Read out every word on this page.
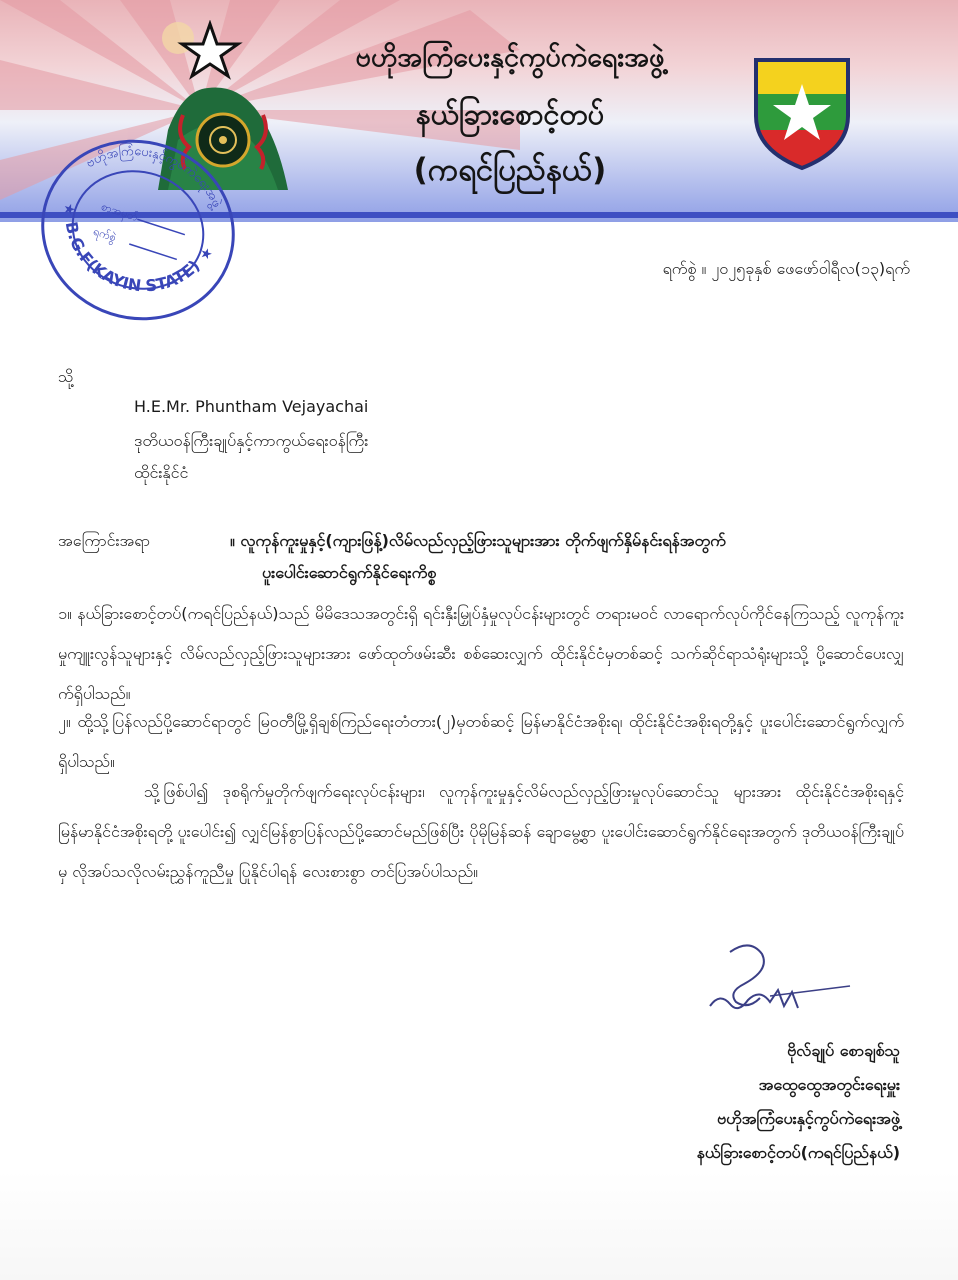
ဗဟိုအကြံပေးနှင့်ကွပ်ကဲရေးအဖွဲ့
နယ်ခြားစောင့်တပ်
(ကရင်ပြည်နယ်)
ဗဟိုအကြံပေးနှင့်ကွပ်ကဲရေးအဖွဲ့
B.G.F(KAYIN STATE)
★
★
စာအမှတ်
ရက်စွဲ
ရက်စွဲ ။ ၂၀၂၅ခုနှစ် ဖေဖော်ဝါရီလ(၁၃)ရက်
သို့
H.E.Mr. Phuntham Vejayachai
ဒုတိယဝန်ကြီးချုပ်နှင့်ကာကွယ်ရေးဝန်ကြီး
ထိုင်းနိုင်ငံ
အကြောင်းအရာ	။ လူကုန်ကူးမှုနှင့်(ကျားဖြန့်)လိမ်လည်လှည့်ဖြားသူများအား တိုက်ဖျက်နှိမ်နင်းရန်အတွက်
ပူးပေါင်းဆောင်ရွက်နိုင်ရေးကိစ္စ
၁။ နယ်ခြားစောင့်တပ်(ကရင်ပြည်နယ်)သည် မိမိဒေသအတွင်းရှိ ရင်းနှီးမြှုပ်နှံမှုလုပ်ငန်းများတွင် တရားမဝင် လာရောက်လုပ်ကိုင်နေကြသည့် လူကုန်ကူးမှုကျူးလွန်သူများနှင့် လိမ်လည်လှည့်ဖြားသူများအား ဖော်ထုတ်ဖမ်းဆီး စစ်ဆေးလျှက် ထိုင်းနိုင်ငံမှတစ်ဆင့် သက်ဆိုင်ရာသံရုံးများသို့ ပို့ဆောင်ပေးလျှက်ရှိပါသည်။
၂။ ထို့သို့ပြန်လည်ပို့ဆောင်ရာတွင် မြဝတီမြို့ရှိချစ်ကြည်ရေးတံတား(၂)မှတစ်ဆင့် မြန်မာနိုင်ငံအစိုးရ၊ ထိုင်းနိုင်ငံအစိုးရတို့နှင့် ပူးပေါင်းဆောင်ရွက်လျှက်ရှိပါသည်။
သို့ဖြစ်ပါ၍ ဒုစရိုက်မှုတိုက်ဖျက်ရေးလုပ်ငန်းများ၊ လူကုန်ကူးမှုနှင့်လိမ်လည်လှည့်ဖြားမှုလုပ်ဆောင်သူ များအား ထိုင်းနိုင်ငံအစိုးရနှင့်မြန်မာနိုင်ငံအစိုးရတို့ ပူးပေါင်း၍ လျှင်မြန်စွာပြန်လည်ပို့ဆောင်မည်ဖြစ်ပြီး ပိုမိုမြန်ဆန် ချောမွေ့စွာ ပူးပေါင်းဆောင်ရွက်နိုင်ရေးအတွက် ဒုတိယဝန်ကြီးချုပ်မှ လိုအပ်သလိုလမ်းညွှန်ကူညီမှု ပြုနိုင်ပါရန် လေးစားစွာ တင်ပြအပ်ပါသည်။
ဗိုလ်ချုပ် စောချစ်သူ
အထွေထွေအတွင်းရေးမှူး
ဗဟိုအကြံပေးနှင့်ကွပ်ကဲရေးအဖွဲ့
နယ်ခြားစောင့်တပ်(ကရင်ပြည်နယ်)
